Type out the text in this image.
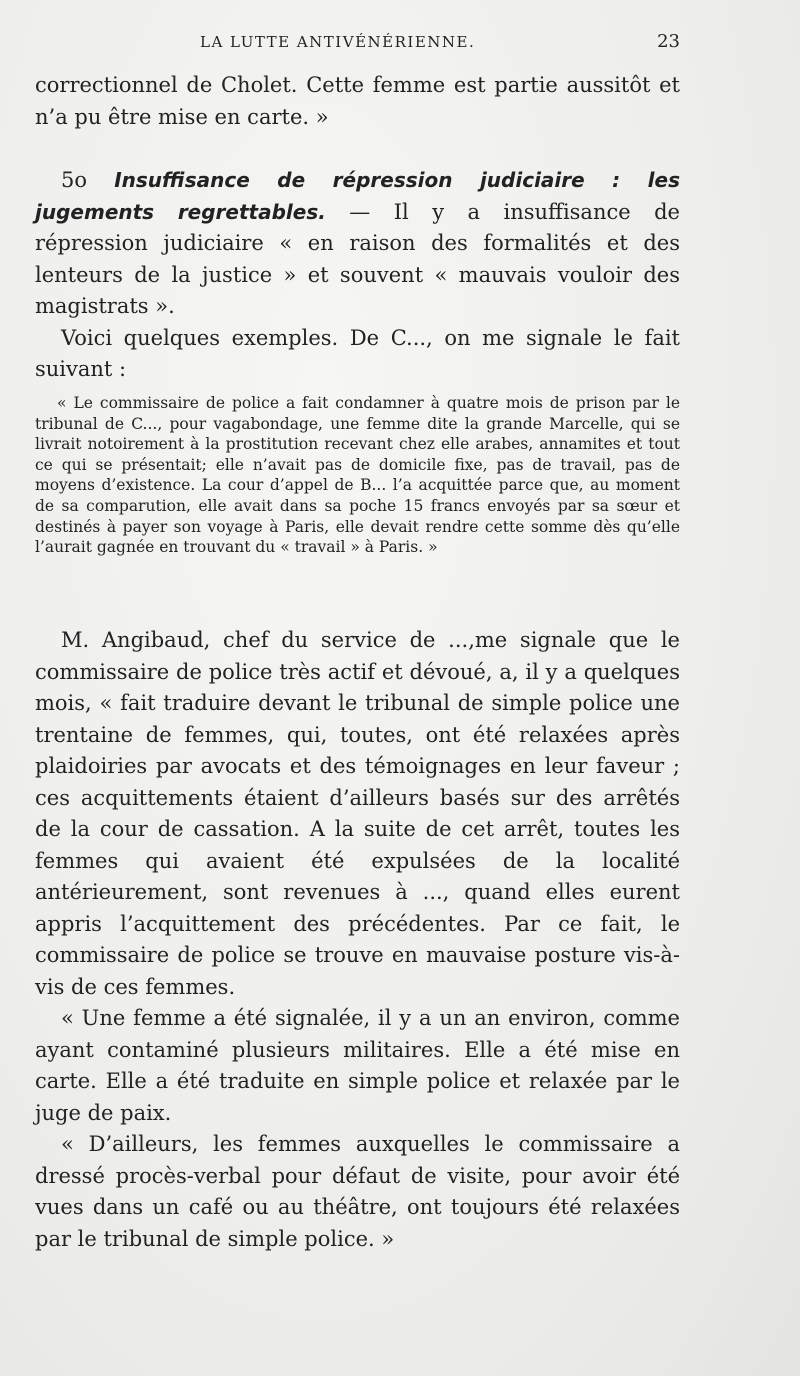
LA LUTTE ANTIVÉNÉRIENNE.	23

correctionnel de Cholet. Cette femme est partie aussitôt et n’a pu être mise en carte. »

5o Insuffisance de répression judiciaire : les jugements regrettables. — Il y a insuffisance de répression judiciaire « en raison des formalités et des lenteurs de la justice » et souvent « mauvais vouloir des magistrats ».

Voici quelques exemples. De C..., on me signale le fait suivant :

« Le commissaire de police a fait condamner à quatre mois de prison par le tribunal de C..., pour vagabondage, une femme dite la grande Marcelle, qui se livrait notoirement à la prostitution recevant chez elle arabes, annamites et tout ce qui se présentait; elle n’avait pas de domicile fixe, pas de travail, pas de moyens d’existence. La cour d’appel de B... l’a acquittée parce que, au moment de sa comparution, elle avait dans sa poche 15 francs envoyés par sa sœur et destinés à payer son voyage à Paris, elle devait rendre cette somme dès qu’elle l’aurait gagnée en trouvant du « travail » à Paris. »

M. Angibaud, chef du service de ...,me signale que le commissaire de police très actif et dévoué, a, il y a quelques mois, « fait traduire devant le tribunal de simple police une trentaine de femmes, qui, toutes, ont été relaxées après plaidoiries par avocats et des témoignages en leur faveur ; ces acquittements étaient d’ailleurs basés sur des arrêtés de la cour de cassation. A la suite de cet arrêt, toutes les femmes qui avaient été expulsées de la localité antérieurement, sont revenues à ..., quand elles eurent appris l’acquittement des précédentes. Par ce fait, le commissaire de police se trouve en mauvaise posture vis-à-vis de ces femmes.

« Une femme a été signalée, il y a un an environ, comme ayant contaminé plusieurs militaires. Elle a été mise en carte. Elle a été traduite en simple police et relaxée par le juge de paix.

« D’ailleurs, les femmes auxquelles le commissaire a dressé procès-verbal pour défaut de visite, pour avoir été vues dans un café ou au théâtre, ont toujours été relaxées par le tribunal de simple police. »
